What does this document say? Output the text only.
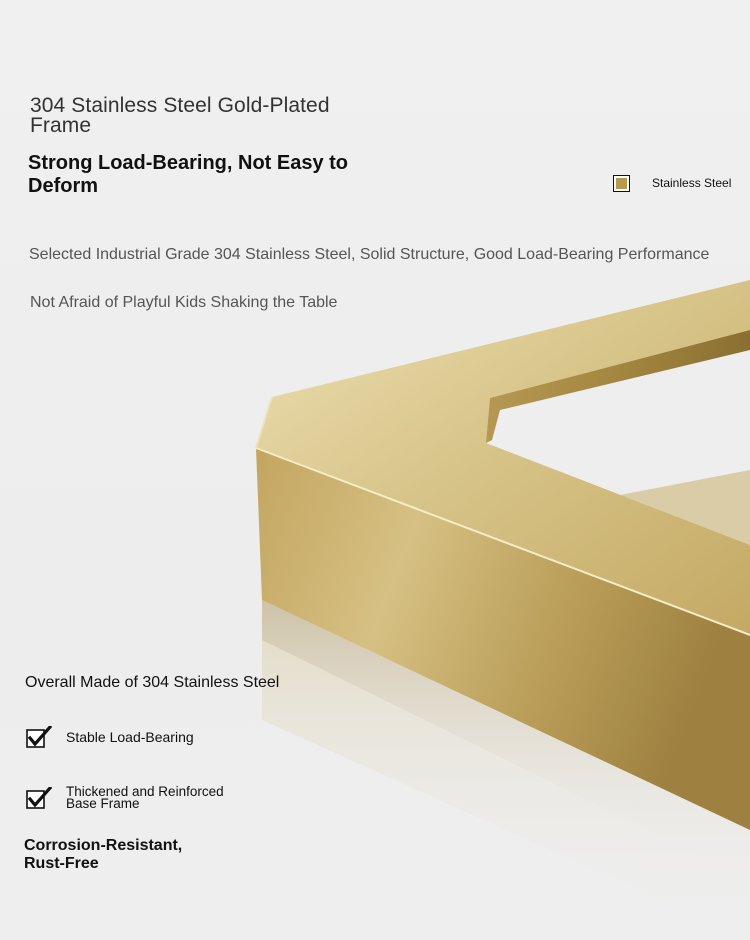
304 Stainless Steel Gold-Plated Frame
Strong Load-Bearing, Not Easy to Deform	Stainless Steel

Selected Industrial Grade 304 Stainless Steel, Solid Structure, Good Load-Bearing Performance

Not Afraid of Playful Kids Shaking the Table

Overall Made of 304 Stainless Steel

Stable Load-Bearing
Thickened and Reinforced Base Frame

Corrosion-Resistant, Rust-Free
